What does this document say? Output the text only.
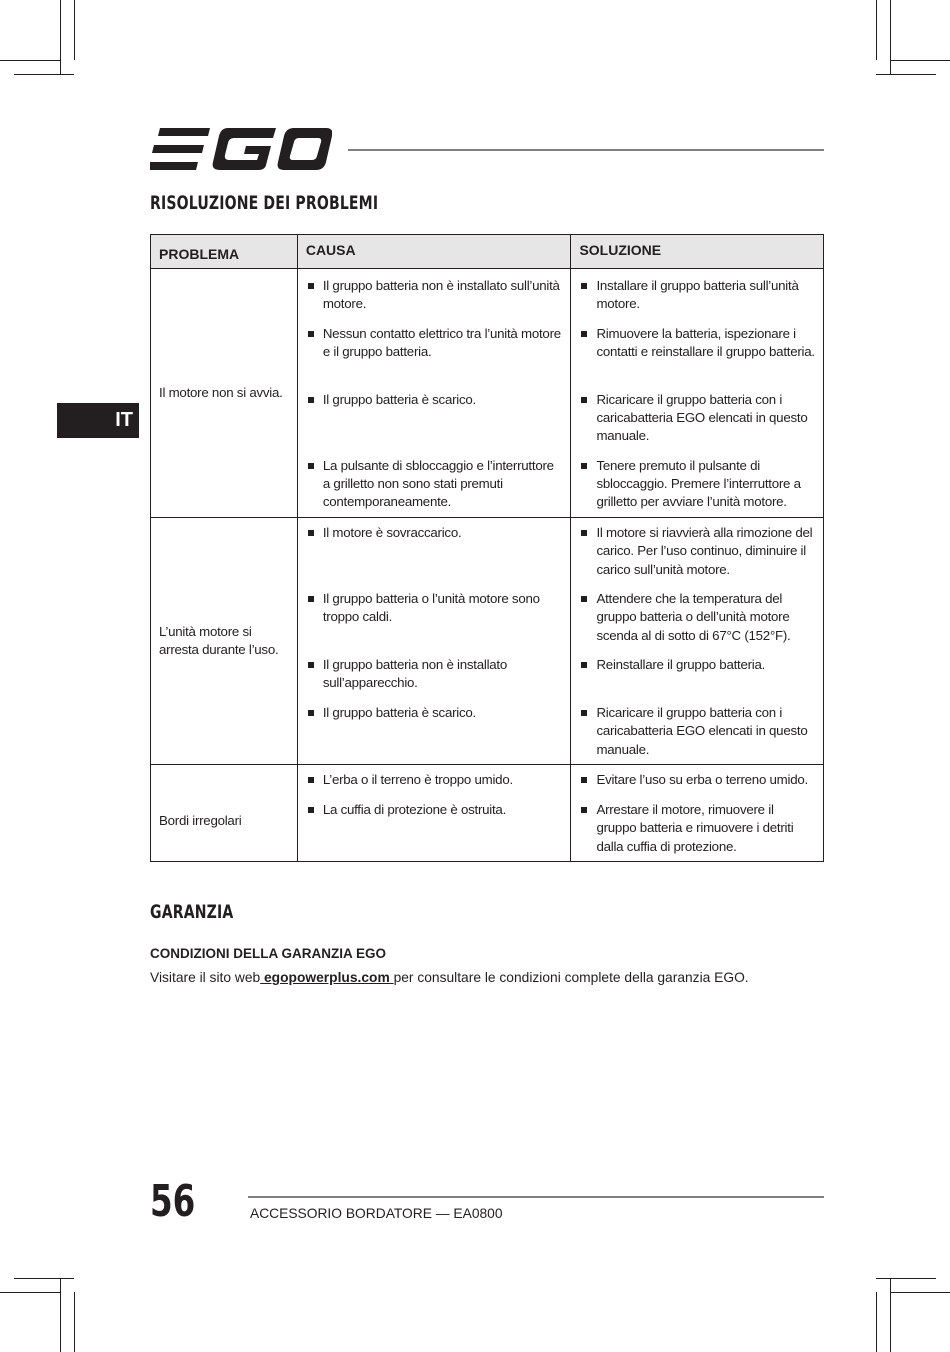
EGO
IT
RISOLUZIONE DEI PROBLEMI
PROBLEMA	CAUSA	SOLUZIONE
Il motore non si avvia.	Il gruppo batteria non è installato sull’unità motore.	Installare il gruppo batteria sull’unità motore.

	Nessun contatto elettrico tra l’unità motore e il gruppo batteria.	Rimuovere la batteria, ispezionare i contatti e reinstallare il gruppo batteria.

	Il gruppo batteria è scarico.	Ricaricare il gruppo batteria con i caricabatteria EGO elencati in questo manuale.

	La pulsante di sbloccaggio e l’interruttore a grilletto non sono stati premuti contemporaneamente.	Tenere premuto il pulsante di sbloccaggio. Premere l’interruttore a grilletto per avviare l’unità motore.

L’unità motore si arresta durante l’uso.	Il motore è sovraccarico.	Il motore si riavvierà alla rimozione del carico. Per l’uso continuo, diminuire il carico sull’unità motore.

	Il gruppo batteria o l’unità motore sono troppo caldi.	Attendere che la temperatura del gruppo batteria o dell’unità motore scenda al di sotto di 67°C (152°F).

	Il gruppo batteria non è installato sull’apparecchio.	Reinstallare il gruppo batteria.

	Il gruppo batteria è scarico.	Ricaricare il gruppo batteria con i caricabatteria EGO elencati in questo manuale.

Bordi irregolari	L’erba o il terreno è troppo umido.	Evitare l’uso su erba o terreno umido.

	La cuffia di protezione è ostruita.	Arrestare il motore, rimuovere il gruppo batteria e rimuovere i detriti dalla cuffia di protezione.
GARANZIA
CONDIZIONI DELLA GARANZIA EGO
Visitare il sito web egopowerplus.com per consultare le condizioni complete della garanzia EGO.
56	ACCESSORIO BORDATORE — EA0800
